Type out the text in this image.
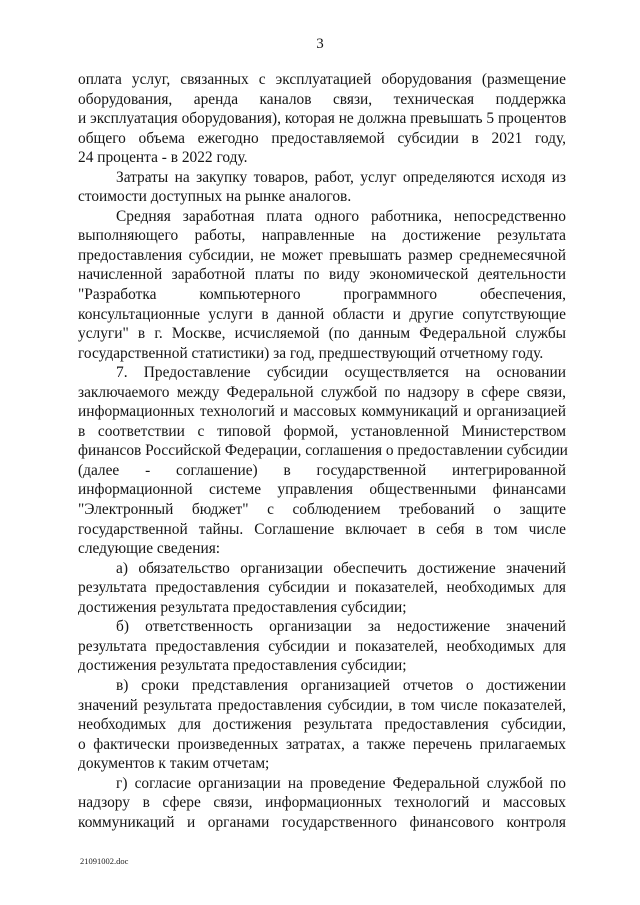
3
оплата услуг, связанных с эксплуатацией оборудования (размещение
оборудования, аренда каналов связи, техническая поддержка
и эксплуатация оборудования), которая не должна превышать 5 процентов
общего объема ежегодно предоставляемой субсидии в 2021 году,
24 процента - в 2022 году.
Затраты на закупку товаров, работ, услуг определяются исходя из
стоимости доступных на рынке аналогов.
Средняя заработная плата одного работника, непосредственно
выполняющего работы, направленные на достижение результата
предоставления субсидии, не может превышать размер среднемесячной
начисленной заработной платы по виду экономической деятельности
"Разработка компьютерного программного обеспечения,
консультационные услуги в данной области и другие сопутствующие
услуги" в г. Москве, исчисляемой (по данным Федеральной службы
государственной статистики) за год, предшествующий отчетному году.
7. Предоставление субсидии осуществляется на основании
заключаемого между Федеральной службой по надзору в сфере связи,
информационных технологий и массовых коммуникаций и организацией
в соответствии с типовой формой, установленной Министерством
финансов Российской Федерации, соглашения о предоставлении субсидии
(далее - соглашение) в государственной интегрированной
информационной системе управления общественными финансами
"Электронный бюджет" с соблюдением требований о защите
государственной тайны. Соглашение включает в себя в том числе
следующие сведения:
а) обязательство организации обеспечить достижение значений
результата предоставления субсидии и показателей, необходимых для
достижения результата предоставления субсидии;
б) ответственность организации за недостижение значений
результата предоставления субсидии и показателей, необходимых для
достижения результата предоставления субсидии;
в) сроки представления организацией отчетов о достижении
значений результата предоставления субсидии, в том числе показателей,
необходимых для достижения результата предоставления субсидии,
о фактически произведенных затратах, а также перечень прилагаемых
документов к таким отчетам;
г) согласие организации на проведение Федеральной службой по
надзору в сфере связи, информационных технологий и массовых
коммуникаций и органами государственного финансового контроля
21091002.doc
